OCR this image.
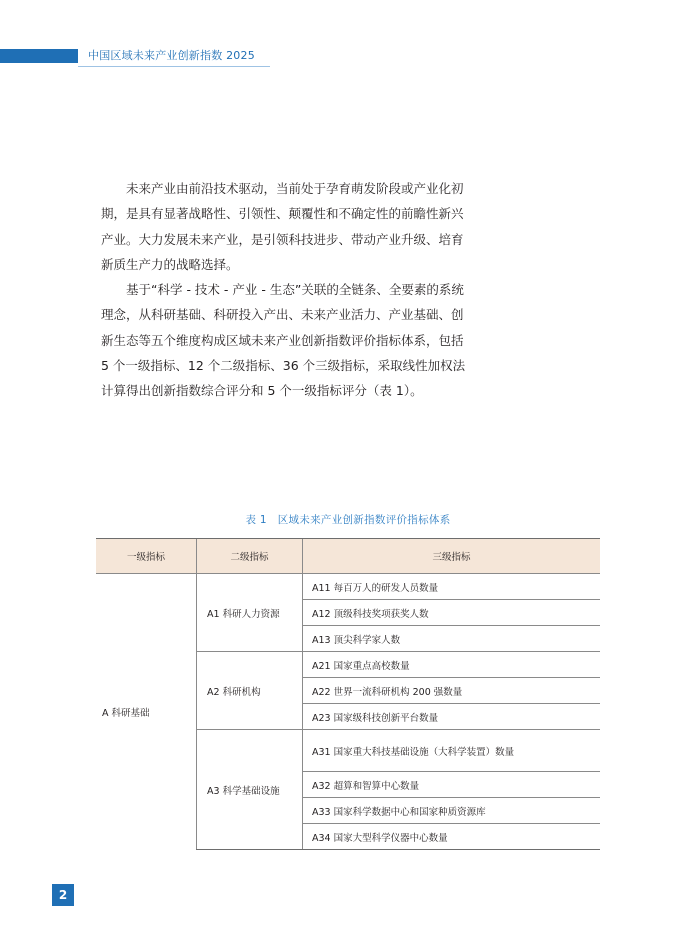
中国区域未来产业创新指数 2025

未来产业由前沿技术驱动，当前处于孕育萌发阶段或产业化初期，是具有显著战略性、引领性、颠覆性和不确定性的前瞻性新兴产业。大力发展未来产业，是引领科技进步、带动产业升级、培育新质生产力的战略选择。

基于“科学 - 技术 - 产业 - 生态”关联的全链条、全要素的系统理念，从科研基础、科研投入产出、未来产业活力、产业基础、创新生态等五个维度构成区域未来产业创新指数评价指标体系，包括 5 个一级指标、12 个二级指标、36 个三级指标，采取线性加权法计算得出创新指数综合评分和 5 个一级指标评分（表 1）。

表 1　区域未来产业创新指数评价指标体系
一级指标	二级指标	三级指标
A 科研基础	A1 科研人力资源	A11 每百万人的研发人员数量
		A12 顶级科技奖项获奖人数
		A13 顶尖科学家人数
	A2 科研机构	A21 国家重点高校数量
		A22 世界一流科研机构 200 强数量
		A23 国家级科技创新平台数量
	A3 科学基础设施	A31 国家重大科技基础设施（大科学装置）数量
		A32 超算和智算中心数量
		A33 国家科学数据中心和国家种质资源库
		A34 国家大型科学仪器中心数量
2
